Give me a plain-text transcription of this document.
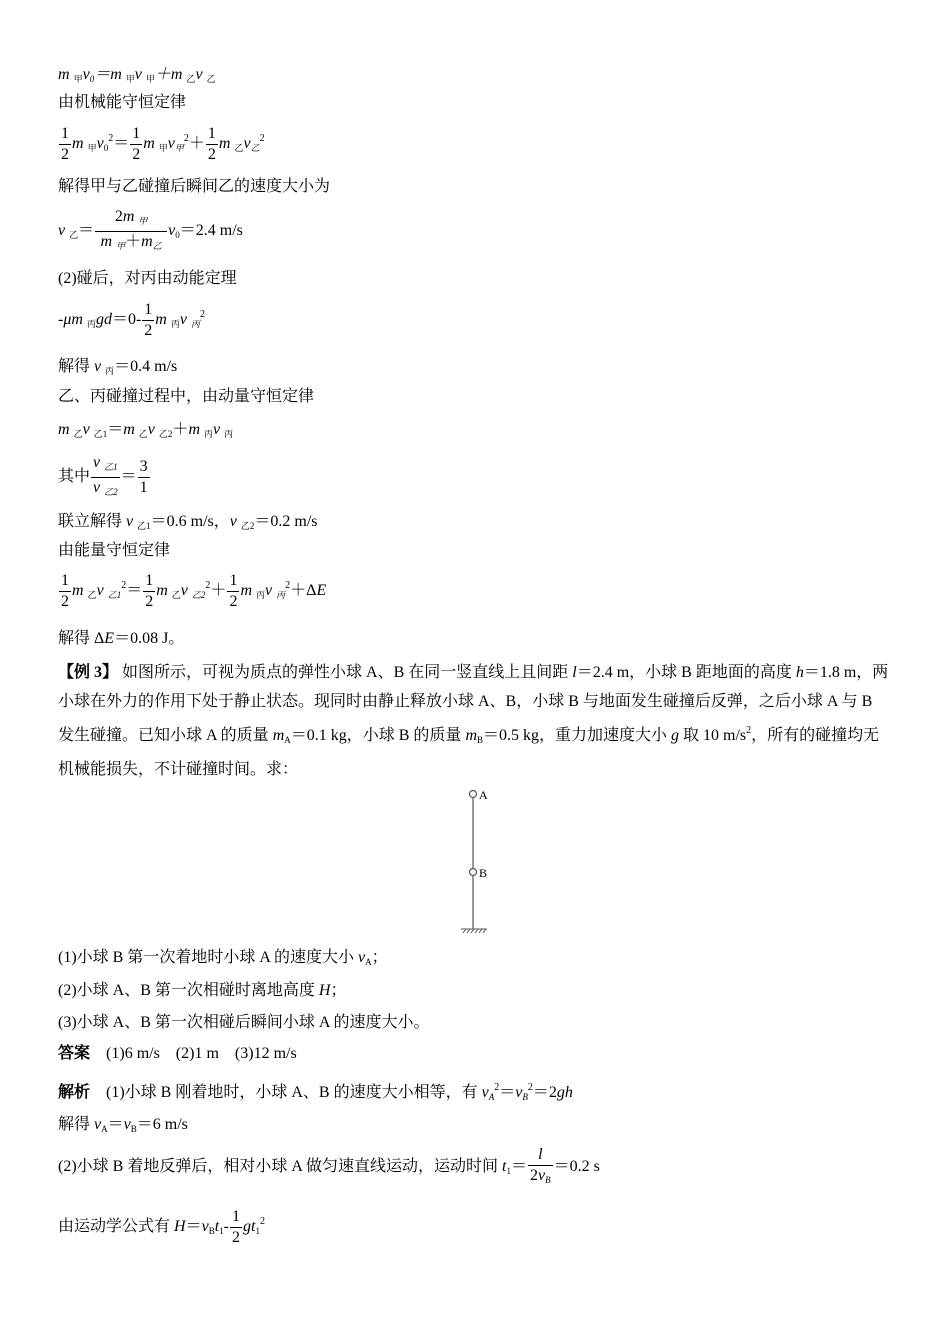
m 甲v0＝m 甲v 甲＋m 乙v 乙
由机械能守恒定律
$\frac{1}{2}$ m 甲$v0^2= \frac{1}{2}$ m 甲v甲$^2+ \frac{1}{2}$ m 乙v乙$^2$
解得甲与乙碰撞后瞬间乙的速度大小为
v 乙＝ $\frac{\text{2m 甲}}{\text{m 甲＋m乙}} v0=2.4$ m/s
(2)碰后，对丙由动能定理
-μm 丙$gd=0- \frac{1}{2}$ m 丙v 丙$^2$
解得 v 丙＝0.4 m/s
乙、丙碰撞过程中，由动量守恒定律
m 乙v 乙1＝m 乙v 乙2＋m 丙v 丙
其中 $\frac{\text{v 乙1}}{\text{v 乙2}} = \frac{3}{1}$
联立解得 v 乙1＝0.6 m/s，v 乙2＝0.2 m/s
由能量守恒定律
$\frac{1}{2}$ m 乙v 乙$1^2= \frac{1}{2}$ m 乙v 乙$2^2+ \frac{1}{2}$ m 丙v 丙$^2$＋ΔE
解得 ΔE＝0.08 J。
【例 3】 如图所示，可视为质点的弹性小球 A、B 在同一竖直线上且间距 l＝2.4 m，小球 B 距地面的高度 h＝1.8 m，两小球在外力的作用下处于静止状态。现同时由静止释放小球 A、B，小球 B 与地面发生碰撞后反弹，之后小球 A 与 B 发生碰撞。已知小球 A 的质量 mA＝0.1 kg，小球 B 的质量 mB＝0.5 kg，重力加速度大小 g 取 10 $m/s^2$，所有的碰撞均无机械能损失，不计碰撞时间。求：
A
B
(1)小球 B 第一次着地时小球 A 的速度大小 vA；
(2)小球 A、B 第一次相碰时离地高度 H；
(3)小球 A、B 第一次相碰后瞬间小球 A 的速度大小。
答案　 (1)6 m/s　(2)1 m　(3)12 m/s
解析　(1)小球 B 刚着地时，小球 A、B 的速度大小相等，有 $vA^2=vB^2=2gh$
解得 vA＝vB＝6 m/s
(2)小球 B 着地反弹后，相对小球 A 做匀速直线运动，运动时间 $t1= \frac{l}{2vB} =0.2$ s
由运动学公式有 $H=vBt1- \frac{1}{2} gt1^2$
